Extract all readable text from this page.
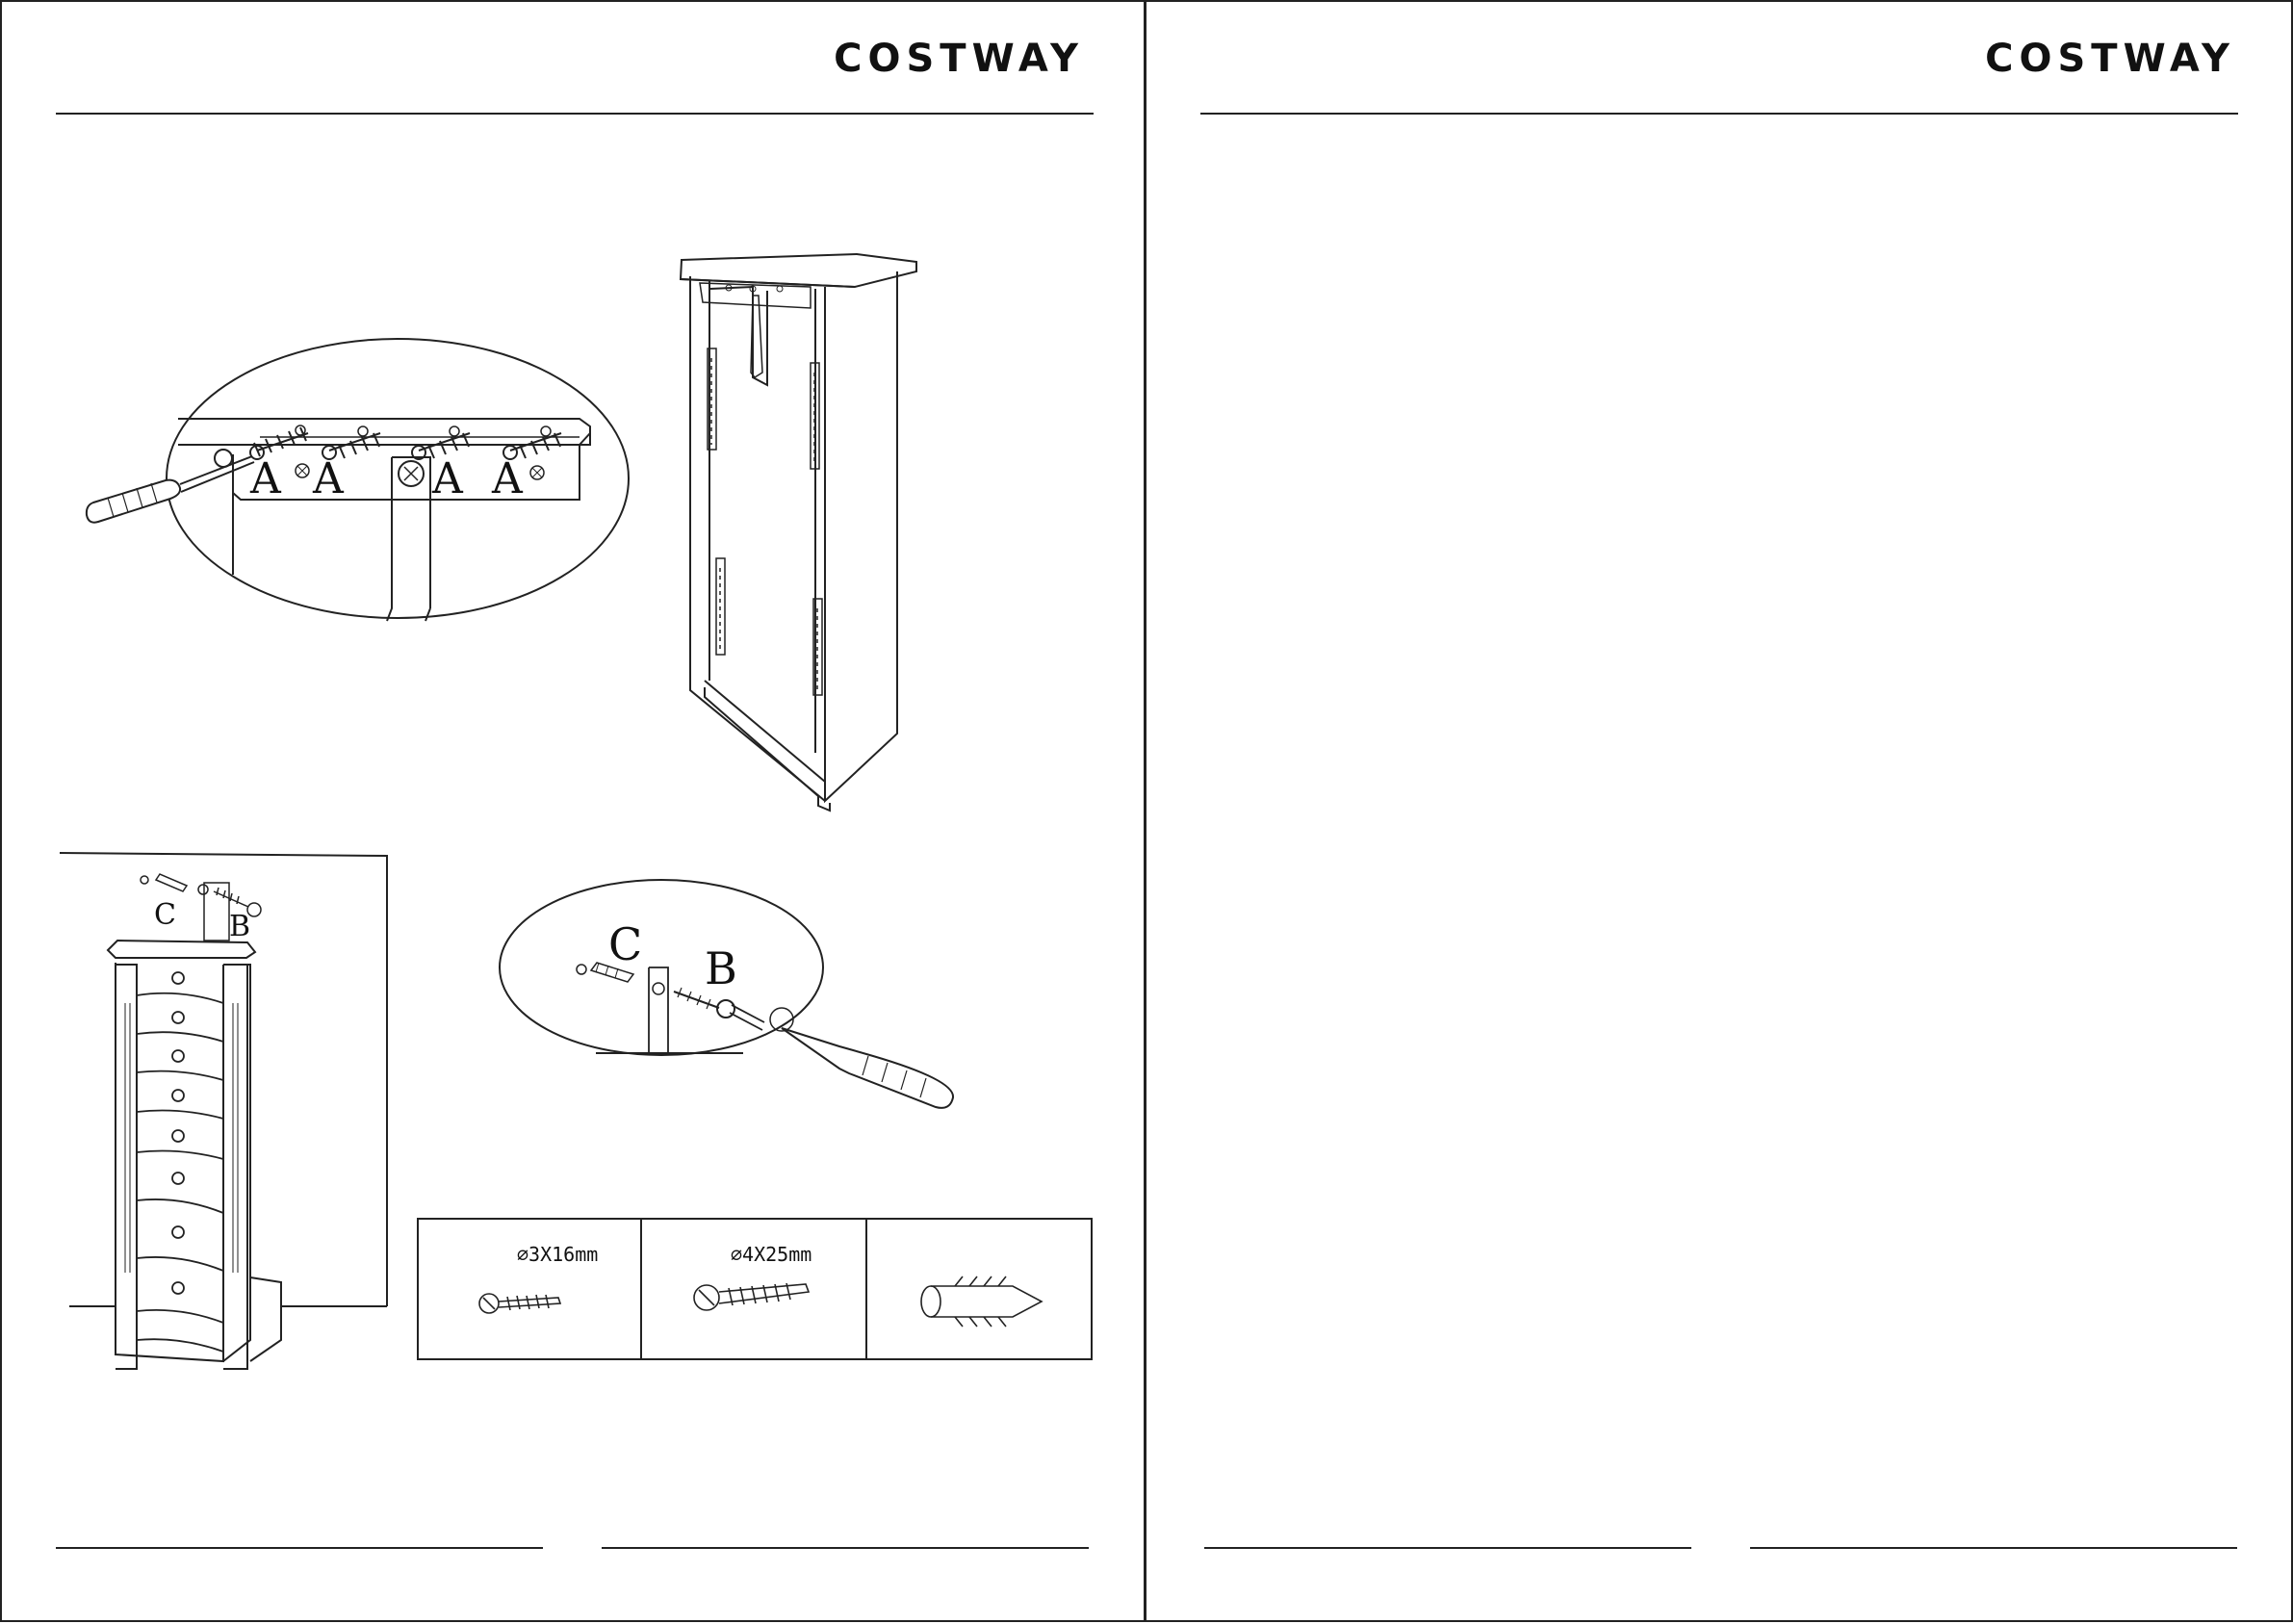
COSTWAY
A A A A
C B	C B
∅3X16mm	∅4X25mm
COSTWAY
